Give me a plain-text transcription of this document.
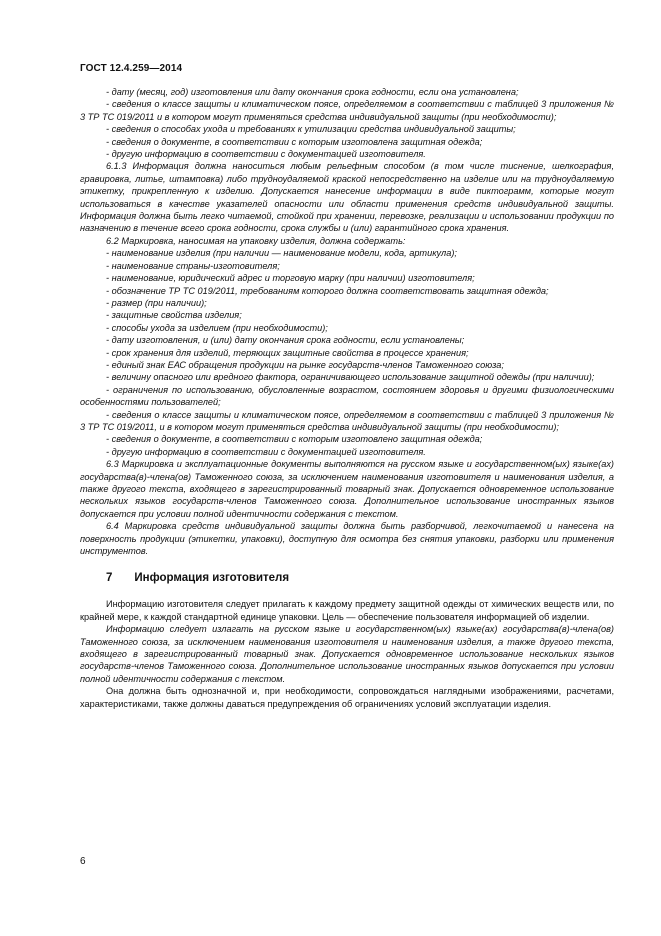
ГОСТ 12.4.259—2014

- дату (месяц, год) изготовления или дату окончания срока годности, если она установлена;

- сведения о классе защиты и климатическом поясе, определяемом в соответствии с таблицей 3 приложения № 3 ТР ТС 019/2011 и в котором могут применяться средства индивидуальной защиты (при необходимости);

- сведения о способах ухода и требованиях к утилизации средства индивидуальной защиты;

- сведения о документе, в соответствии с которым изготовлена защитная одежда;

- другую информацию в соответствии с документацией изготовителя.

6.1.3 Информация должна наноситься любым рельефным способом (в том числе тиснение, шелкография, гравировка, литье, штамповка) либо трудноудаляемой краской непосредственно на изделие или на трудноудаляемую этикетку, прикрепленную к изделию. Допускается нанесение информации в виде пиктограмм, которые могут использоваться в качестве указателей опасности или области применения средств индивидуальной защиты. Информация должна быть легко читаемой, стойкой при хранении, перевозке, реализации и использовании продукции по назначению в течение всего срока годности, срока службы и (или) гарантийного срока хранения.

6.2 Маркировка, наносимая на упаковку изделия, должна содержать:

- наименование изделия (при наличии — наименование модели, кода, артикула);

- наименование страны-изготовителя;

- наименование, юридический адрес и торговую марку (при наличии) изготовителя;

- обозначение ТР ТС 019/2011, требованиям которого должна соответствовать защитная одежда;

- размер (при наличии);

- защитные свойства изделия;

- способы ухода за изделием (при необходимости);

- дату изготовления, и (или) дату окончания срока годности, если установлены;

- срок хранения для изделий, теряющих защитные свойства в процессе хранения;

- единый знак ЕАС обращения продукции на рынке государств-членов Таможенного союза;

- величину опасного или вредного фактора, ограничивающего использование защитной одежды (при наличии);

- ограничения по использованию, обусловленные возрастом, состоянием здоровья и другими физиологическими особенностями пользователей;

- сведения о классе защиты и климатическом поясе, определяемом в соответствии с таблицей 3 приложения № 3 ТР ТС 019/2011, и в котором могут применяться средства индивидуальной защиты (при необходимости);

- сведения о документе, в соответствии с которым изготовлено защитная одежда;

- другую информацию в соответствии с документацией изготовителя.

6.3 Маркировка и эксплуатационные документы выполняются на русском языке и государственном(ых) языке(ах) государства(в)-члена(ов) Таможенного союза, за исключением наименования изготовителя и наименования изделия, а также другого текста, входящего в зарегистрированный товарный знак. Допускается одновременное использование нескольких языков государств-членов Таможенного союза. Дополнительное использование иностранных языков допускается при условии полной идентичности содержания с текстом.

6.4 Маркировка средств индивидуальной защиты должна быть разборчивой, легкочитаемой и нанесена на поверхность продукции (этикетки, упаковки), доступную для осмотра без снятия упаковки, разборки или применения инструментов.

7 Информация изготовителя

Информацию изготовителя следует прилагать к каждому предмету защитной одежды от химических веществ или, по крайней мере, к каждой стандартной единице упаковки. Цель — обеспечение пользователя информацией об изделии.

Информацию следует излагать на русском языке и государственном(ых) языке(ах) государства(в)-члена(ов) Таможенного союза, за исключением наименования изготовителя и наименования изделия, а также другого текста, входящего в зарегистрированный товарный знак. Допускается одновременное использование нескольких языков государств-членов Таможенного союза. Дополнительное использование иностранных языков допускается при условии полной идентичности содержания с текстом.

Она должна быть однозначной и, при необходимости, сопровождаться наглядными изображениями, расчетами, характеристиками, также должны даваться предупреждения об ограничениях условий эксплуатации изделия.

6
